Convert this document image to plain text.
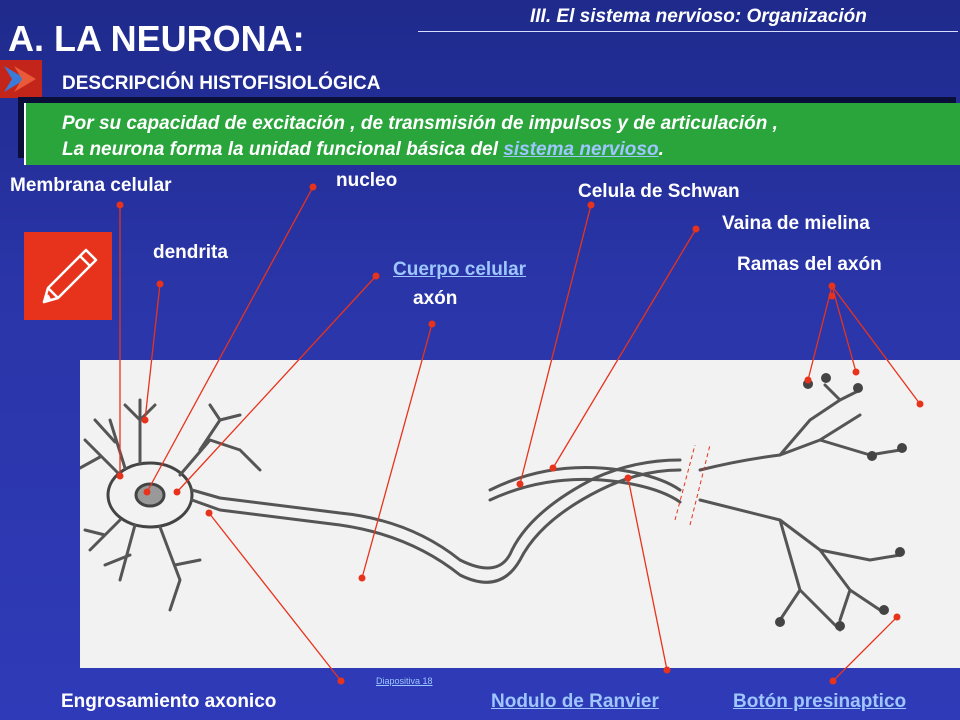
III. El sistema nervioso: Organización
A. LA NEURONA:
DESCRIPCIÓN HISTOFISIOLÓGICA
Por su capacidad de excitación , de transmisión de impulsos y de articulación ,
La neurona forma la unidad funcional básica del sistema nervioso.
Membrana celular	nucleo
Celula de Schwan
Vaina de mielina
dendrita
Cuerpo celular	Ramas del axón
axón
Engrosamiento axonico	Nodulo de Ranvier	Botón presinaptico
Diapositiva 18
